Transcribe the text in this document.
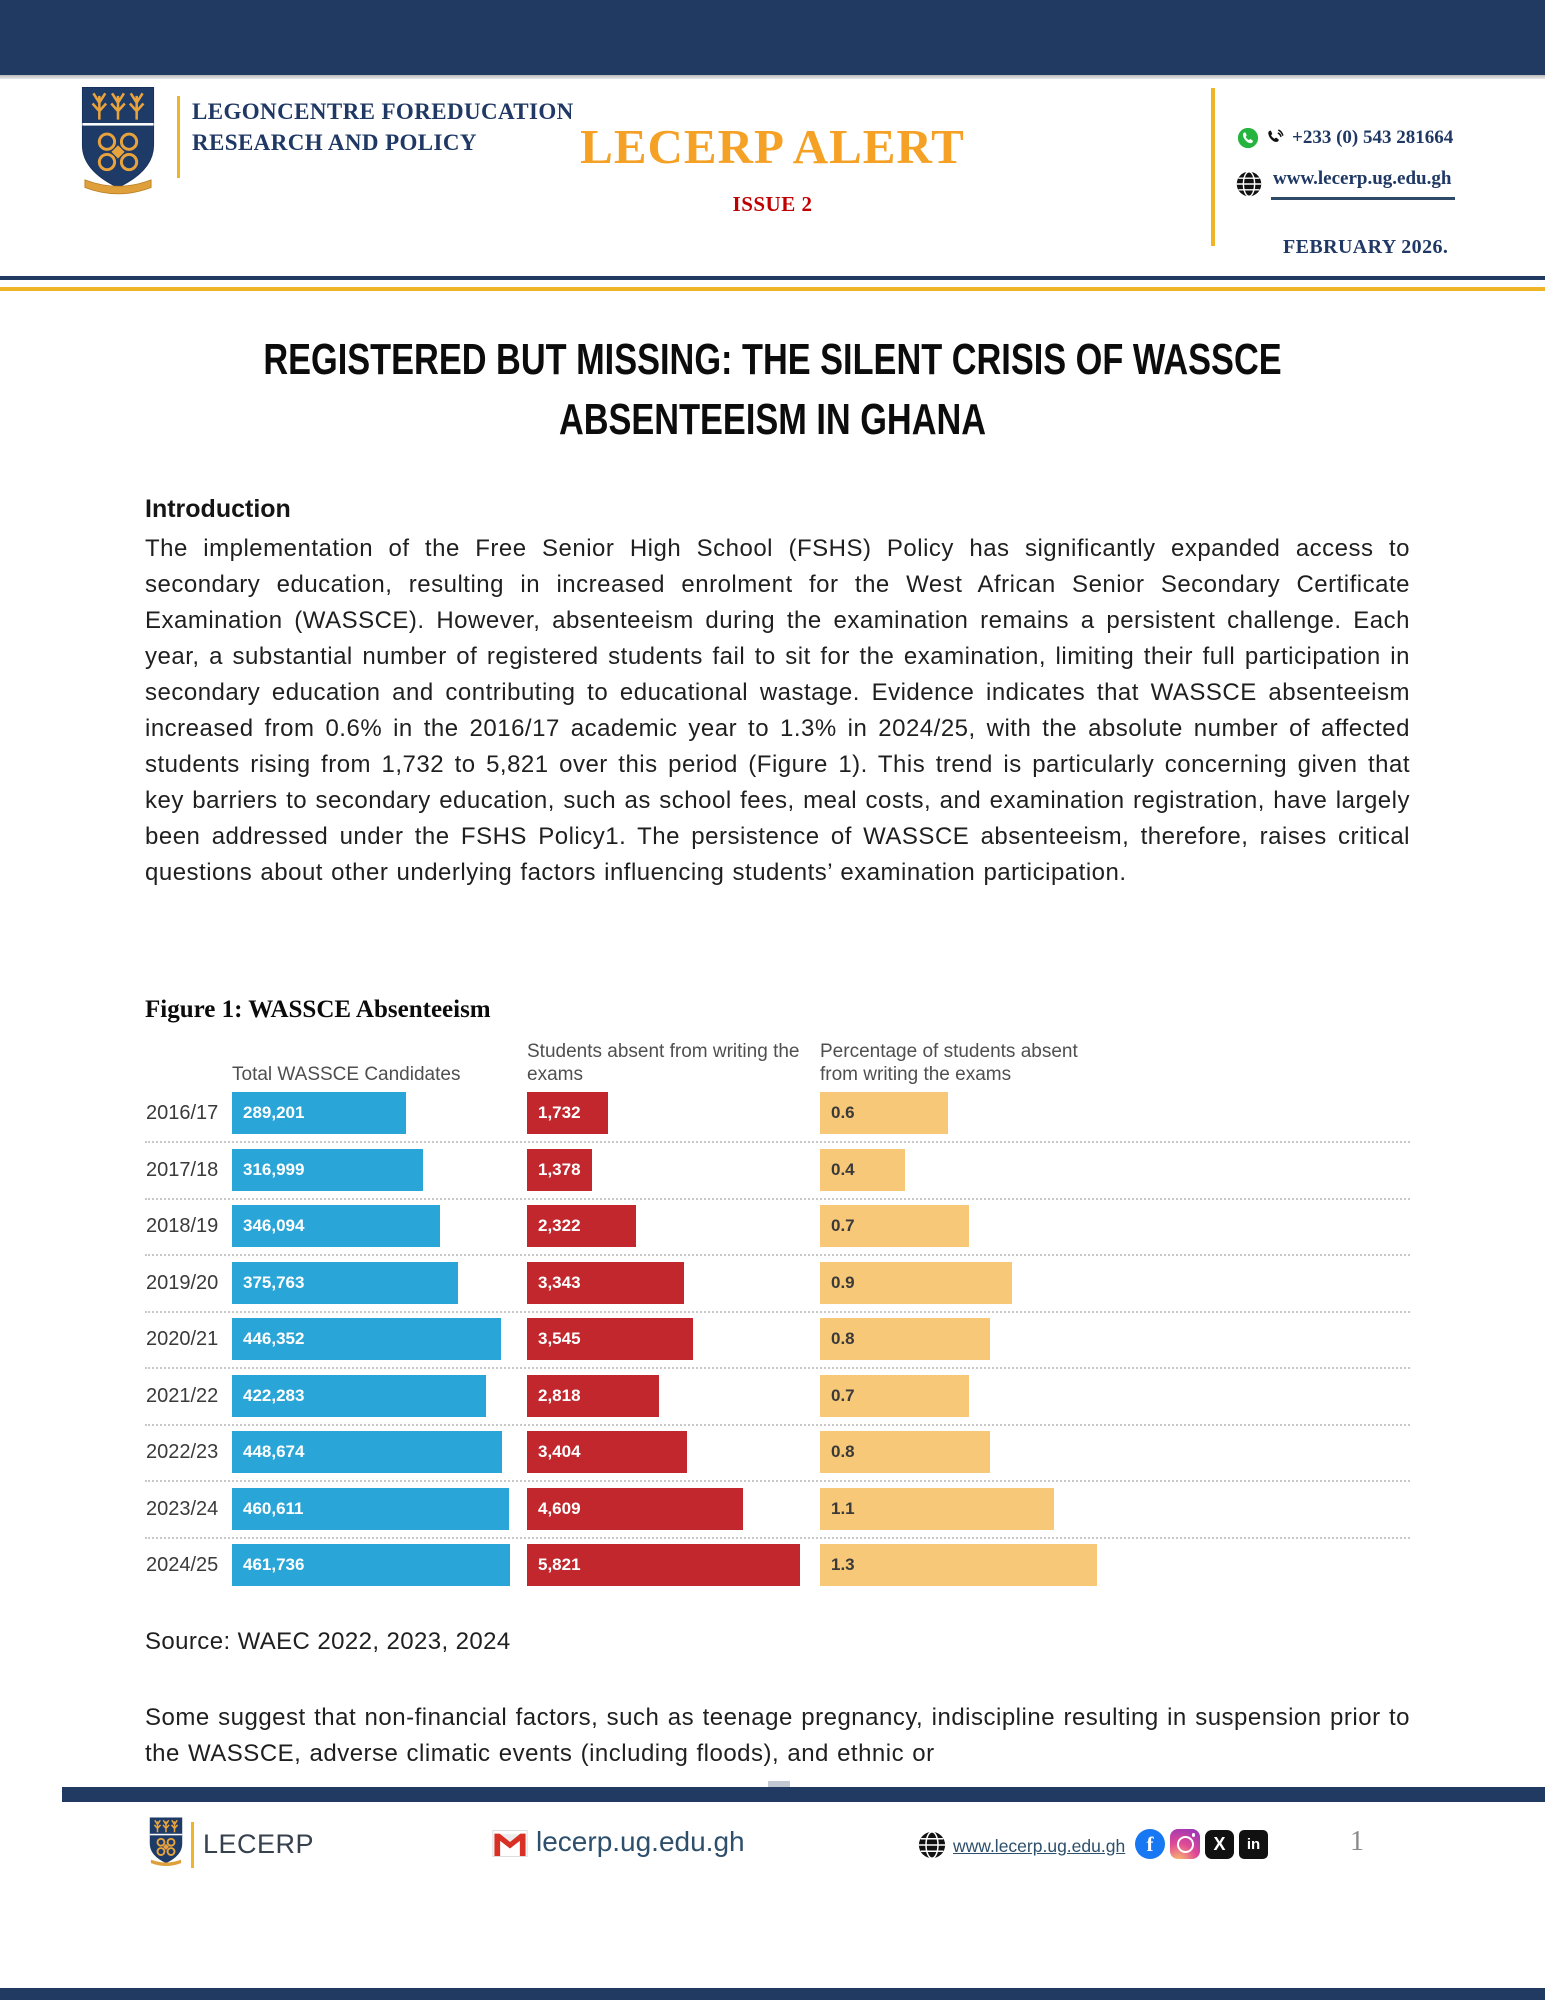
LEGONCENTRE FOREDUCATION
RESEARCH AND POLICY	LECERP ALERT
ISSUE 2
+233 (0) 543 281664
www.lecerp.ug.edu.gh
FEBRUARY 2026.
REGISTERED BUT MISSING: THE SILENT CRISIS OF WASSCE
ABSENTEEISM IN GHANA
Introduction

The implementation of the Free Senior High School (FSHS) Policy has significantly expanded access to secondary education, resulting in increased enrolment for the West African Senior Secondary Certificate Examination (WASSCE). However, absenteeism during the examination remains a persistent challenge. Each year, a substantial number of registered students fail to sit for the examination, limiting their full participation in secondary education and contributing to educational wastage. Evidence indicates that WASSCE absenteeism increased from 0.6% in the 2016/17 academic year to 1.3% in 2024/25, with the absolute number of affected students rising from 1,732 to 5,821 over this period (Figure 1). This trend is particularly concerning given that key barriers to secondary education, such as school fees, meal costs, and examination registration, have largely been addressed under the FSHS Policy1. The persistence of WASSCE absenteeism, therefore, raises critical questions about other underlying factors influencing students’ examination participation.

Figure 1: WASSCE Absenteeism
Total WASSCE Candidates
Students absent from writing the exams
Percentage of students absent from writing the exams
2016/17	289,201	1,732	0.6
2017/18	316,999	1,378	0.4
2018/19	346,094	2,322	0.7
2019/20	375,763	3,343	0.9
2020/21	446,352	3,545	0.8
2021/22	422,283	2,818	0.7
2022/23	448,674	3,404	0.8
2023/24	460,611	4,609	1.1
2024/25	461,736	5,821	1.3
Source: WAEC 2022, 2023, 2024

Some suggest that non-financial factors, such as teenage pregnancy, indiscipline resulting in suspension prior to the WASSCE, adverse climatic events (including floods), and ethnic or

LECERP	lecerp.ug.edu.gh	www.lecerp.ug.edu.gh	f	X	in	1
